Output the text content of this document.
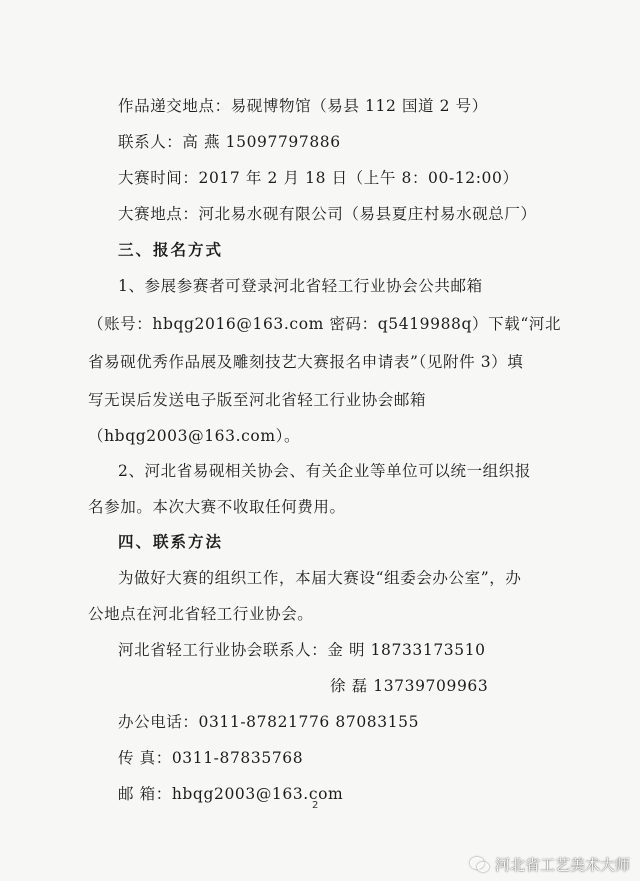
作品递交地点：易砚博物馆（易县 112 国道 2 号）
联系人：高 燕 15097797886
大赛时间：2017 年 2 月 18 日（上午 8：00-12:00）
大赛地点：河北易水砚有限公司（易县夏庄村易水砚总厂）
三、报名方式
1、参展参赛者可登录河北省轻工行业协会公共邮箱
（账号：hbqg2016@163.com 密码：q5419988q）下载“河北
省易砚优秀作品展及雕刻技艺大赛报名申请表”（见附件 3）填
写无误后发送电子版至河北省轻工行业协会邮箱
（hbqg2003@163.com）。
2、河北省易砚相关协会、有关企业等单位可以统一组织报
名参加。本次大赛不收取任何费用。
四、联系方法
为做好大赛的组织工作，本届大赛设“组委会办公室”，办
公地点在河北省轻工行业协会。
河北省轻工行业协会联系人：金 明 18733173510
徐 磊 13739709963
办公电话：0311-87821776 87083155
传 真：0311-87835768
邮 箱：hbqg2003@163.com
2
河北省工艺美术大师
